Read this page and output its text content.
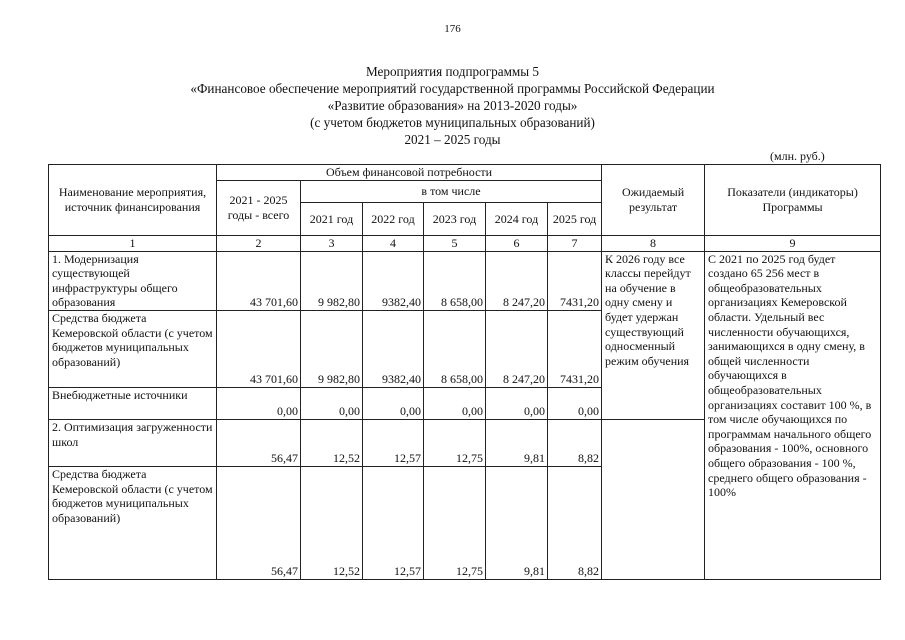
176
Мероприятия подпрограммы 5
«Финансовое обеспечение мероприятий государственной программы Российской Федерации
«Развитие образования» на 2013-2020 годы»
(с учетом бюджетов муниципальных образований)
2021 – 2025 годы
(млн. руб.)
Наименование мероприятия, источник финансирования	Объем финансовой потребности						Ожидаемый результат	Показатели (индикаторы) Программы
	2021 - 2025 годы - всего	в том числе						
		2021 год	2022 год	2023 год	2024 год	2025 год		
1	2	3	4	5	6	7	8	9
1. Модернизация существующей инфраструктуры общего образования	43 701,60	9 982,80	9382,40	8 658,00	8 247,20	7431,20	К 2026 году все классы перейдут на обучение в одну смену и будет удержан существующий односменный режим обучения	С 2021 по 2025 год будет создано 65 256 мест в общеобразовательных организациях Кемеровской области. Удельный вес численности обучающихся, занимающихся в одну смену, в общей численности обучающихся в общеобразовательных организациях составит 100 %, в том числе обучающихся по программам начального общего образования - 100%, основного общего образования - 100 %, среднего общего образования - 100%
Средства бюджета Кемеровской области (с учетом бюджетов муниципальных образований)	43 701,60	9 982,80	9382,40	8 658,00	8 247,20	7431,20		
Внебюджетные источники	0,00	0,00	0,00	0,00	0,00	0,00		
2. Оптимизация загруженности школ	56,47	12,52	12,57	12,75	9,81	8,82		
Средства бюджета Кемеровской области (с учетом бюджетов муниципальных образований)	56,47	12,52	12,57	12,75	9,81	8,82		
